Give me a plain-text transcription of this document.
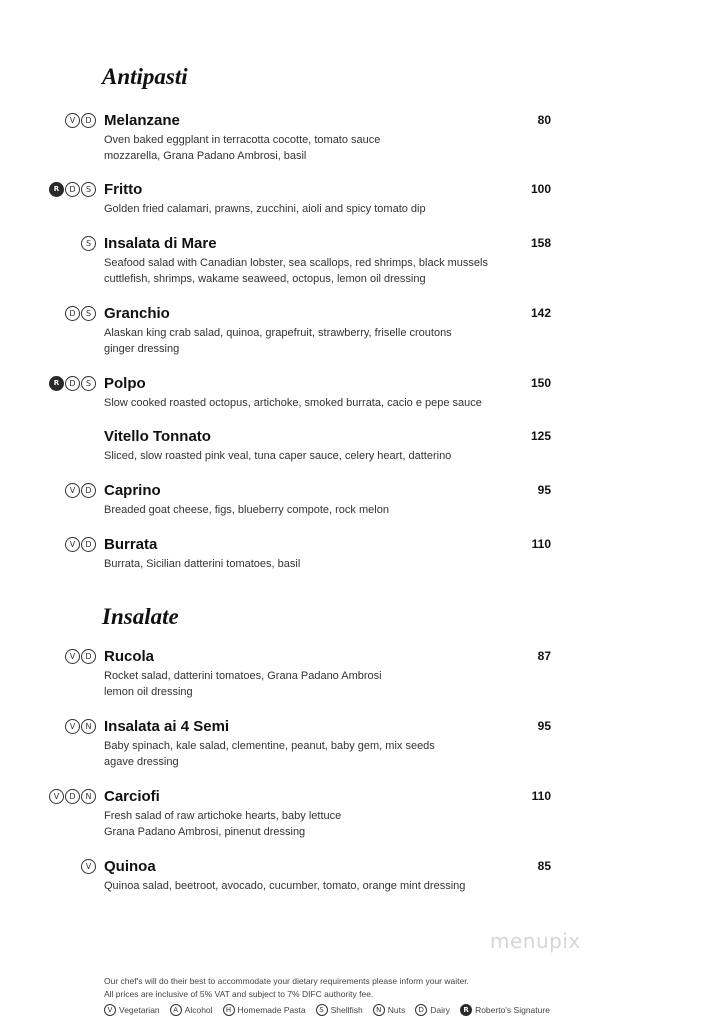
Antipasti
V	D Melanzane	80
Oven baked eggplant in terracotta cocotte, tomato sauce
mozzarella, Grana Padano Ambrosi, basil
R	D	S Fritto	100
Golden fried calamari, prawns, zucchini, aioli and spicy tomato dip
S Insalata di Mare	158
Seafood salad with Canadian lobster, sea scallops, red shrimps, black mussels
cuttlefish, shrimps, wakame seaweed, octopus, lemon oil dressing
D	S Granchio	142
Alaskan king crab salad, quinoa, grapefruit, strawberry, friselle croutons
ginger dressing
R	D	S Polpo	150
Slow cooked roasted octopus, artichoke, smoked burrata, cacio e pepe sauce
Vitello Tonnato	125
Sliced, slow roasted pink veal, tuna caper sauce, celery heart, datterino
V	D Caprino	95
Breaded goat cheese, figs, blueberry compote, rock melon
V	D Burrata	110
Burrata, Sicilian datterini tomatoes, basil
Insalate
V	D Rucola	87
Rocket salad, datterini tomatoes, Grana Padano Ambrosi
lemon oil dressing
V	N Insalata ai 4 Semi	95
Baby spinach, kale salad, clementine, peanut, baby gem, mix seeds
agave dressing
V	D	N Carciofi	110
Fresh salad of raw artichoke hearts, baby lettuce
Grana Padano Ambrosi, pinenut dressing
V Quinoa	85
Quinoa salad, beetroot, avocado, cucumber, tomato, orange mint dressing
menupix
Our chef's will do their best to accommodate your dietary requirements please inform your waiter.
All prices are inclusive of 5% VAT and subject to 7% DIFC authority fee.
V Vegetarian	A Alcohol	H Homemade Pasta	S Shellfish	N Nuts	D Dairy	R Roberto's Signature
